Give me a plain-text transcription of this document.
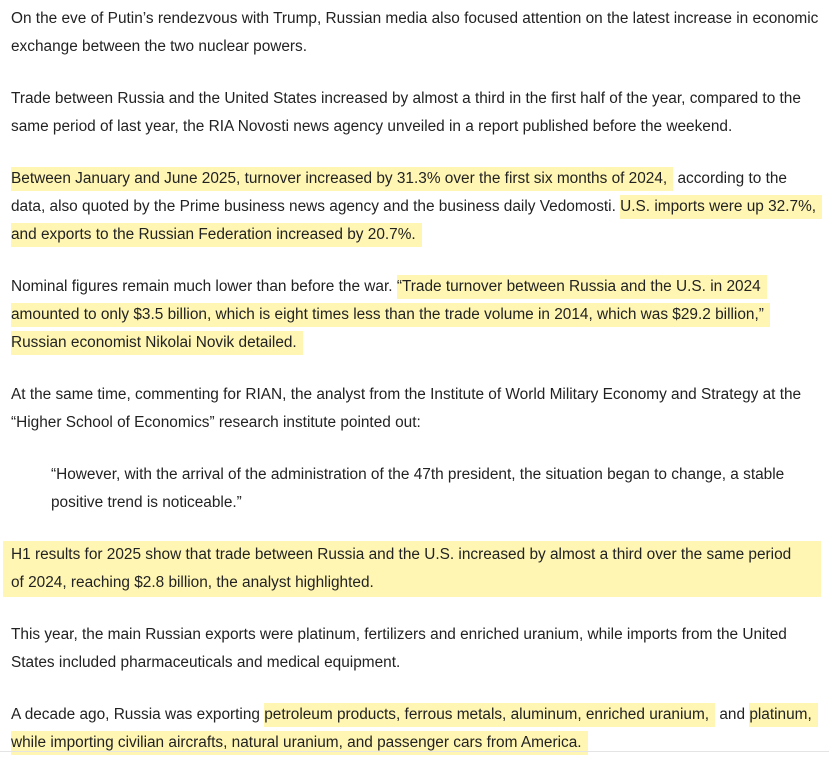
On the eve of Putin’s rendezvous with Trump, Russian media also focused attention on the latest increase in economic exchange between the two nuclear powers.

Trade between Russia and the United States increased by almost a third in the first half of the year, compared to the same period of last year, the RIA Novosti news agency unveiled in a report published before the weekend.

Between January and June 2025, turnover increased by 31.3% over the first six months of 2024, according to the data, also quoted by the Prime business news agency and the business daily Vedomosti. U.S. imports were up 32.7%, and exports to the Russian Federation increased by 20.7%.

Nominal figures remain much lower than before the war. “Trade turnover between Russia and the U.S. in 2024 amounted to only $3.5 billion, which is eight times less than the trade volume in 2014, which was $29.2 billion,” Russian economist Nikolai Novik detailed.

At the same time, commenting for RIAN, the analyst from the Institute of World Military Economy and Strategy at the “Higher School of Economics” research institute pointed out:

“However, with the arrival of the administration of the 47th president, the situation began to change, a stable positive trend is noticeable.”

H1 results for 2025 show that trade between Russia and the U.S. increased by almost a third over the same period of 2024, reaching $2.8 billion, the analyst highlighted.

This year, the main Russian exports were platinum, fertilizers and enriched uranium, while imports from the United States included pharmaceuticals and medical equipment.

A decade ago, Russia was exporting petroleum products, ferrous metals, aluminum, enriched uranium, and platinum, while importing civilian aircrafts, natural uranium, and passenger cars from America.
